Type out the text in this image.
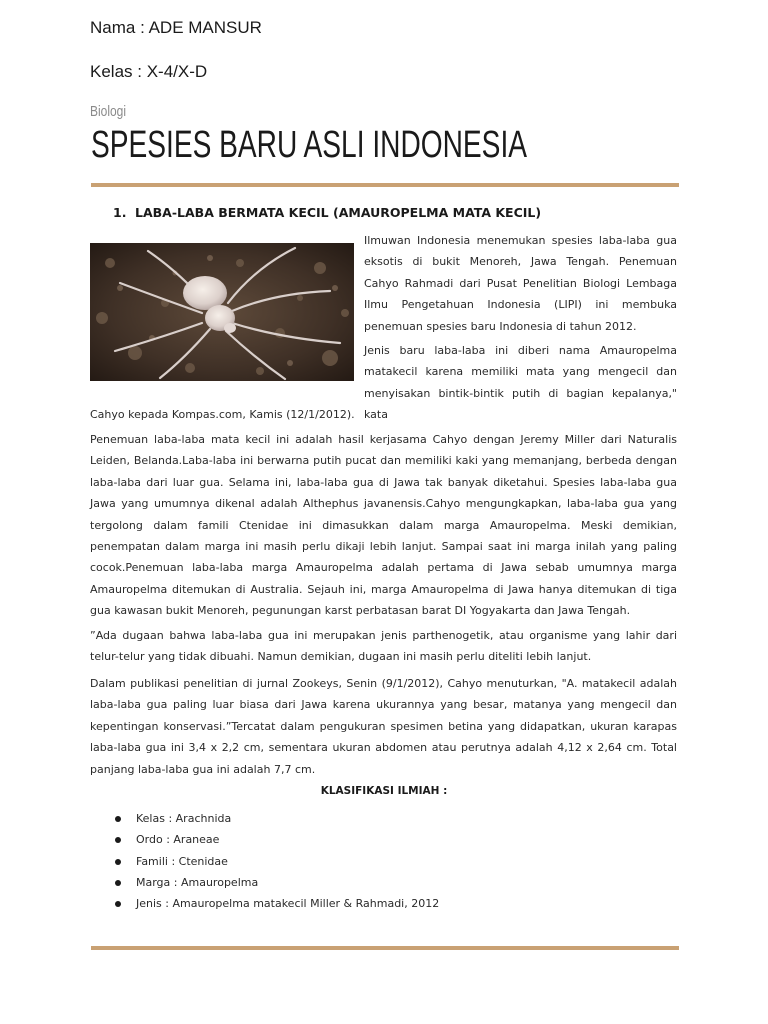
Nama : ADE MANSUR
Kelas : X-4/X-D
Biologi
SPESIES BARU ASLI INDONESIA
1. LABA-LABA BERMATA KECIL (AMAUROPELMA MATA KECIL)
Ilmuwan Indonesia menemukan spesies laba-laba gua eksotis di bukit Menoreh, Jawa Tengah. Penemuan Cahyo Rahmadi dari Pusat Penelitian Biologi Lembaga Ilmu Pengetahuan Indonesia (LIPI) ini membuka penemuan spesies baru Indonesia di tahun 2012.
Jenis baru laba-laba ini diberi nama Amauropelma matakecil karena memiliki mata yang mengecil dan menyisakan bintik-bintik putih di bagian kepalanya," kata
Cahyo kepada Kompas.com, Kamis (12/1/2012).
Penemuan laba-laba mata kecil ini adalah hasil kerjasama Cahyo dengan Jeremy Miller dari Naturalis Leiden, Belanda.Laba-laba ini berwarna putih pucat dan memiliki kaki yang memanjang, berbeda dengan laba-laba dari luar gua. Selama ini, laba-laba gua di Jawa tak banyak diketahui. Spesies laba-laba gua Jawa yang umumnya dikenal adalah Althephus javanensis.Cahyo mengungkapkan, laba-laba gua yang tergolong dalam famili Ctenidae ini dimasukkan dalam marga Amauropelma. Meski demikian, penempatan dalam marga ini masih perlu dikaji lebih lanjut. Sampai saat ini marga inilah yang paling cocok.Penemuan laba-laba marga Amauropelma adalah pertama di Jawa sebab umumnya marga Amauropelma ditemukan di Australia. Sejauh ini, marga Amauropelma di Jawa hanya ditemukan di tiga gua kawasan bukit Menoreh, pegunungan karst perbatasan barat DI Yogyakarta dan Jawa Tengah.
”Ada dugaan bahwa laba-laba gua ini merupakan jenis parthenogetik, atau organisme yang lahir dari telur-telur yang tidak dibuahi. Namun demikian, dugaan ini masih perlu diteliti lebih lanjut.
Dalam publikasi penelitian di jurnal Zookeys, Senin (9/1/2012), Cahyo menuturkan, "A. matakecil adalah laba-laba gua paling luar biasa dari Jawa karena ukurannya yang besar, matanya yang mengecil dan kepentingan konservasi.”Tercatat dalam pengukuran spesimen betina yang didapatkan, ukuran karapas laba-laba gua ini 3,4 x 2,2 cm, sementara ukuran abdomen atau perutnya adalah 4,12 x 2,64 cm. Total panjang laba-laba gua ini adalah 7,7 cm.
KLASIFIKASI ILMIAH :
Kelas : Arachnida
Ordo : Araneae
Famili : Ctenidae
Marga : Amauropelma
Jenis : Amauropelma matakecil Miller & Rahmadi, 2012
